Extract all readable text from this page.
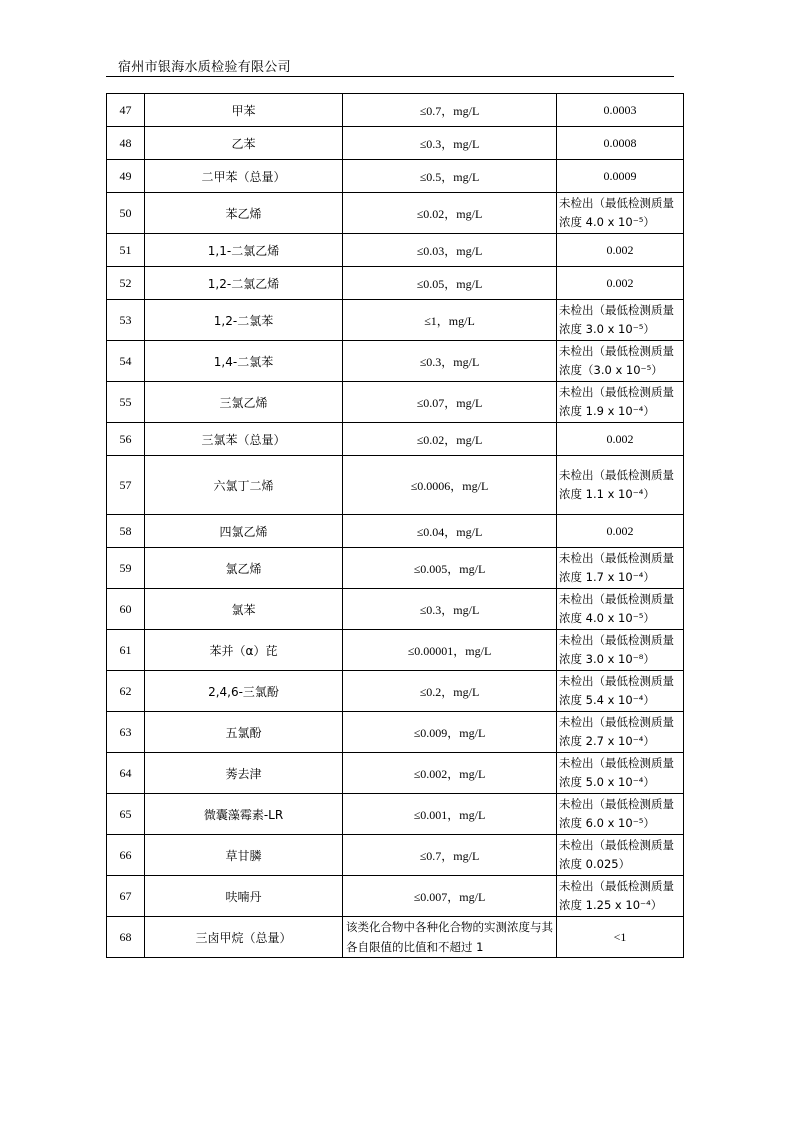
宿州市银海水质检验有限公司
47	甲苯	≤0.7，mg/L	0.0003
48	乙苯	≤0.3，mg/L	0.0008
49	二甲苯（总量）	≤0.5，mg/L	0.0009
50	苯乙烯	≤0.02，mg/L	未检出（最低检测质量浓度 4.0 x 10⁻⁵）
51	1,1-二氯乙烯	≤0.03，mg/L	0.002
52	1,2-二氯乙烯	≤0.05，mg/L	0.002
53	1,2-二氯苯	≤1，mg/L	未检出（最低检测质量浓度 3.0 x 10⁻⁵）
54	1,4-二氯苯	≤0.3，mg/L	未检出（最低检测质量浓度（3.0 x 10⁻⁵）
55	三氯乙烯	≤0.07，mg/L	未检出（最低检测质量浓度 1.9 x 10⁻⁴）
56	三氯苯（总量）	≤0.02，mg/L	0.002
57	六氯丁二烯	≤0.0006，mg/L	未检出（最低检测质量浓度 1.1 x 10⁻⁴）
58	四氯乙烯	≤0.04，mg/L	0.002
59	氯乙烯	≤0.005，mg/L	未检出（最低检测质量浓度 1.7 x 10⁻⁴）
60	氯苯	≤0.3，mg/L	未检出（最低检测质量浓度 4.0 x 10⁻⁵）
61	苯并（α）芘	≤0.00001，mg/L	未检出（最低检测质量浓度 3.0 x 10⁻⁸）
62	2,4,6-三氯酚	≤0.2，mg/L	未检出（最低检测质量浓度 5.4 x 10⁻⁴）
63	五氯酚	≤0.009，mg/L	未检出（最低检测质量浓度 2.7 x 10⁻⁴）
64	莠去津	≤0.002，mg/L	未检出（最低检测质量浓度 5.0 x 10⁻⁴）
65	微囊藻霉素-LR	≤0.001，mg/L	未检出（最低检测质量浓度 6.0 x 10⁻⁵）
66	草甘膦	≤0.7，mg/L	未检出（最低检测质量浓度 0.025）
67	呋喃丹	≤0.007，mg/L	未检出（最低检测质量浓度 1.25 x 10⁻⁴）
68	三卤甲烷（总量）	该类化合物中各种化合物的实测浓度与其各自限值的比值和不超过 1	<1
